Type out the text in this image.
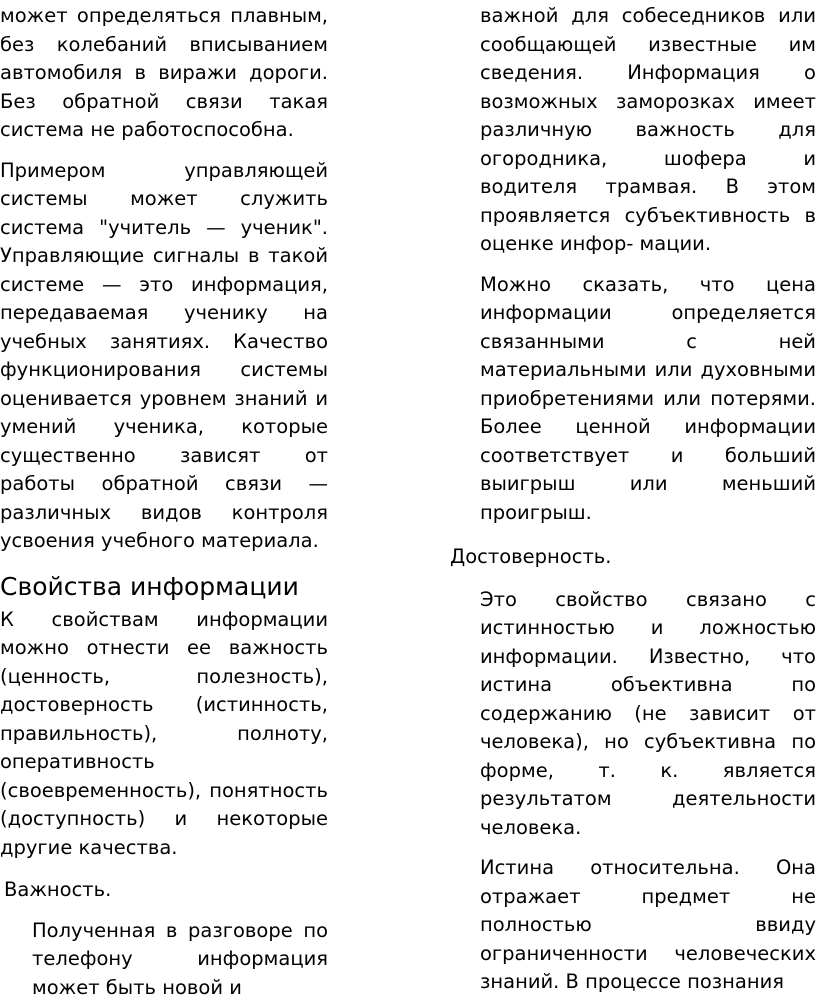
может определяться плавным, без колебаний вписыванием автомобиля в виражи дороги. Без обратной связи такая система не работоспособна.

Примером управляющей системы может служить система "учитель — ученик". Управляющие сигналы в такой системе — это информация, передаваемая ученику на учебных занятиях. Качество функционирования системы оценивается уровнем знаний и умений ученика, которые существенно зависят от работы обратной связи — различных видов контроля усвоения учебного материала.

Свойства информации

К свойствам информации можно отнести ее важность (ценность, полезность), достоверность (истинность, правильность), полноту, оперативность (своевременность), понятность (доступность) и некоторые другие качества.

Важность.

Полученная в разговоре по телефону информация может быть новой и

важной для собеседников или сообщающей известные им сведения. Информация о возможных заморозках имеет различную важность для огородника, шофера и водителя трамвая. В этом проявляется субъективность в оценке инфор- мации.

Можно сказать, что цена информации определяется связанными с ней материальными или духовными приобретениями или потерями. Более ценной информации соответствует и больший выигрыш или меньший проигрыш.

Достоверность.

Это свойство связано с истинностью и ложностью информации. Известно, что истина объективна по содержанию (не зависит от человека), но субъективна по форме, т. к. является результатом деятельности человека.

Истина относительна. Она отражает предмет не полностью ввиду ограниченности человеческих знаний. В процессе познания
